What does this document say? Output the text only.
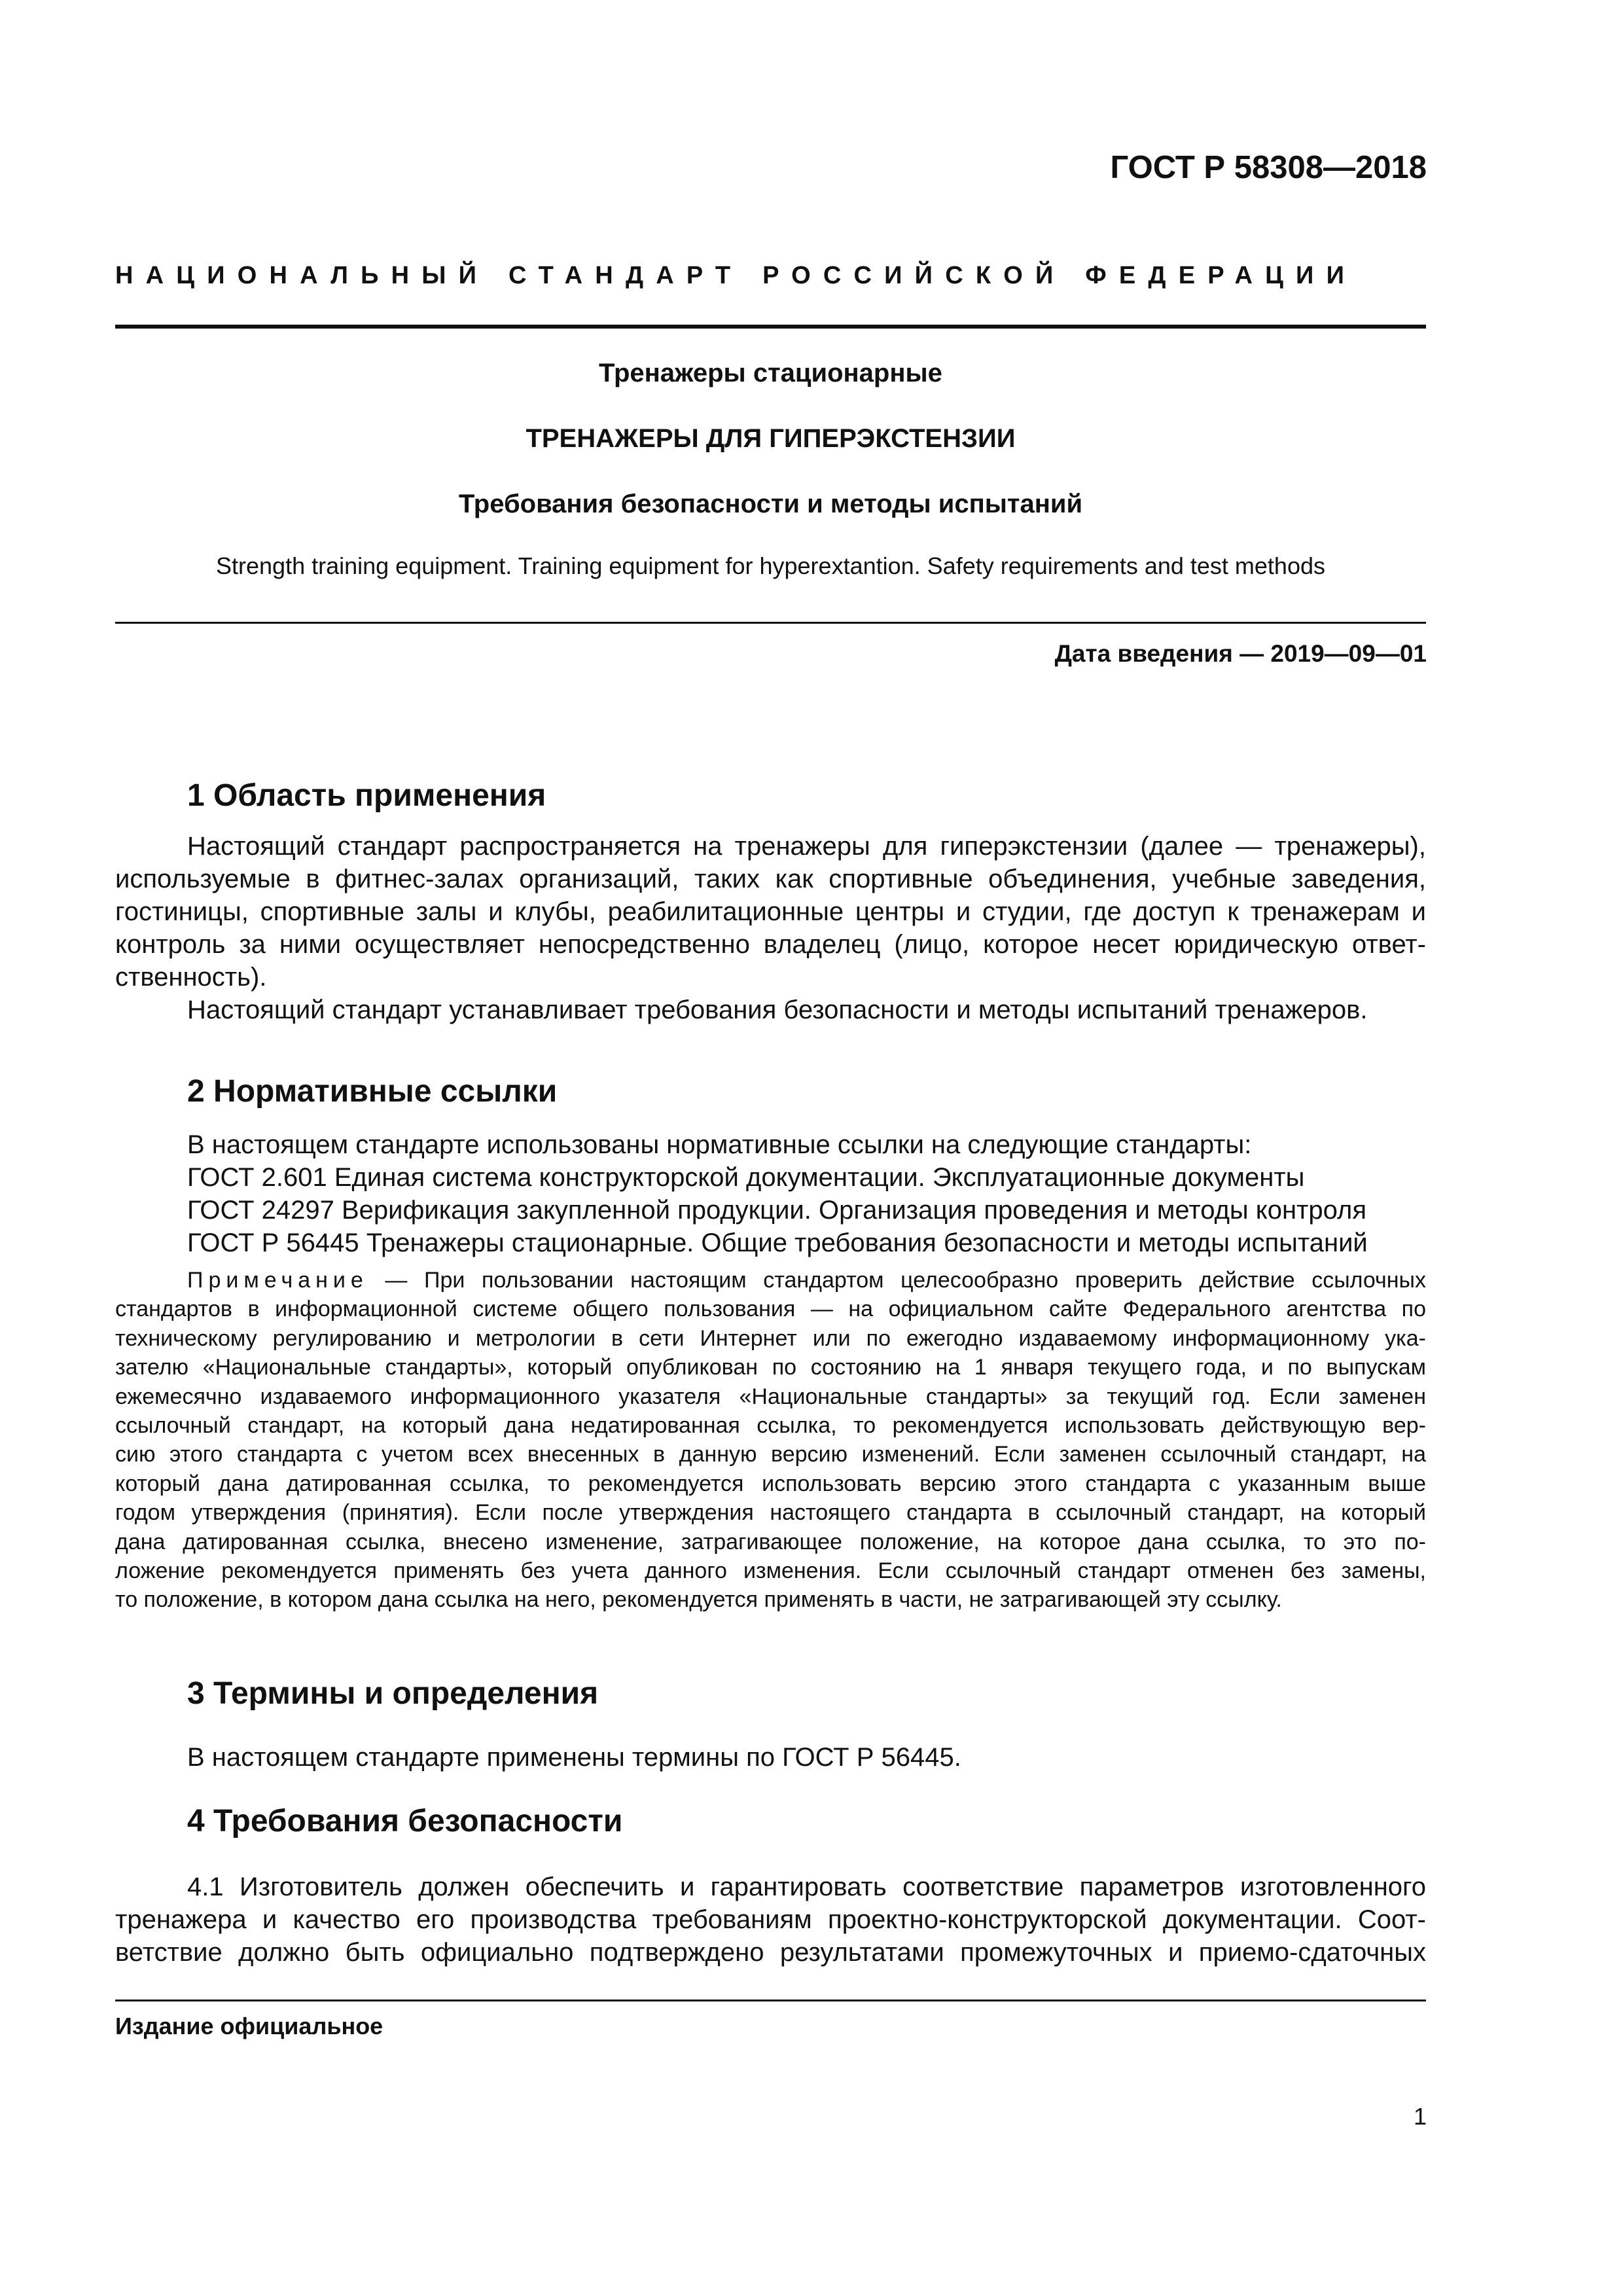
ГОСТ Р 58308—2018
НАЦИОНАЛЬНЫЙ СТАНДАРТ РОССИЙСКОЙ ФЕДЕРАЦИИ
Тренажеры стационарные
ТРЕНАЖЕРЫ ДЛЯ ГИПЕРЭКСТЕНЗИИ
Требования безопасности и методы испытаний
Strength training equipment. Training equipment for hyperextantion. Safety requirements and test methods
Дата введения — 2019—09—01
1 Область применения
Настоящий стандарт распространяется на тренажеры для гиперэкстензии (далее — тренажеры),
используемые в фитнес-залах организаций, таких как спортивные объединения, учебные заведения,
гостиницы, спортивные залы и клубы, реабилитационные центры и студии, где доступ к тренажерам и
контроль за ними осуществляет непосредственно владелец (лицо, которое несет юридическую ответ-
ственность).
Настоящий стандарт устанавливает требования безопасности и методы испытаний тренажеров.
2 Нормативные ссылки
В настоящем стандарте использованы нормативные ссылки на следующие стандарты:
ГОСТ 2.601 Единая система конструкторской документации. Эксплуатационные документы
ГОСТ 24297 Верификация закупленной продукции. Организация проведения и методы контроля
ГОСТ Р 56445 Тренажеры стационарные. Общие требования безопасности и методы испытаний
Примечание — При пользовании настоящим стандартом целесообразно проверить действие ссылочных
стандартов в информационной системе общего пользования — на официальном сайте Федерального агентства по
техническому регулированию и метрологии в сети Интернет или по ежегодно издаваемому информационному ука-
зателю «Национальные стандарты», который опубликован по состоянию на 1 января текущего года, и по выпускам
ежемесячно издаваемого информационного указателя «Национальные стандарты» за текущий год. Если заменен
ссылочный стандарт, на который дана недатированная ссылка, то рекомендуется использовать действующую вер-
сию этого стандарта с учетом всех внесенных в данную версию изменений. Если заменен ссылочный стандарт, на
который дана датированная ссылка, то рекомендуется использовать версию этого стандарта с указанным выше
годом утверждения (принятия). Если после утверждения настоящего стандарта в ссылочный стандарт, на который
дана датированная ссылка, внесено изменение, затрагивающее положение, на которое дана ссылка, то это по-
ложение рекомендуется применять без учета данного изменения. Если ссылочный стандарт отменен без замены,
то положение, в котором дана ссылка на него, рекомендуется применять в части, не затрагивающей эту ссылку.
3 Термины и определения
В настоящем стандарте применены термины по ГОСТ Р 56445.
4 Требования безопасности
4.1 Изготовитель должен обеспечить и гарантировать соответствие параметров изготовленного
тренажера и качество его производства требованиям проектно-конструкторской документации. Соот-
ветствие должно быть официально подтверждено результатами промежуточных и приемо-сдаточных
Издание официальное
1
